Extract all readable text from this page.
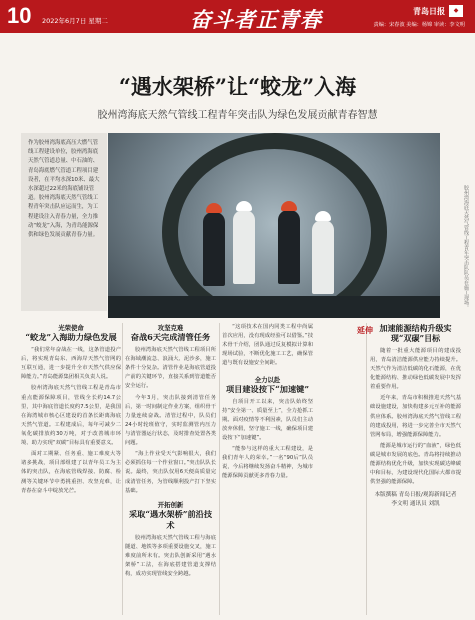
10 2022年6月7日 星期二	奋斗者正青春	青岛日报	◆
责编：宋春波 美编：杨锦 审读：李文明
“遇水架桥”让“蛟龙”入海
胶州湾海底天然气管线工程青年突击队为绿色发展贡献青春智慧
作为胶州湾海底高压大燃气管线工程建设单位，胶州湾海底天然气管道总量、中石油的、青岛海底燃气管道工程项目建设者，在平均水深10米、最大水深超过22米的海底铺设管道。胶州湾海底天然气管线工程青年突击队应运而生，为工程建设注入青春力量，全力推动“蛟龙”入海，为青岛能源保供和绿色发展贡献青春力量。	胶州湾海底天然气管线工程青年突击队队员在施工现场。
光荣使命
“蛟龙”入海助力绿色发展

“我们常年奋战在一线，这条管道投产后，将实现青岛东、西海岸天然气管网的互联互通，进一步提升全市天然气供应保障能力。”青岛能源集团相关负责人说。

胶州湾海底天然气管线工程是青岛市重点能源保障项目，管线全长约14.7公里，其中海底管道长度约7.5公里，是我国在海湾城市核心区建设的首条长距离海底天然气管道。工程建成后，每年可减少二氧化碳排放约30万吨，对于改善城市环境、助力实现“双碳”目标具有重要意义。

面对工期紧、任务重、施工难度大等诸多挑战，项目部组建了以青年员工为主体的突击队，在海底管线焊接、防腐、检测等关键环节中勇挑重担、攻坚克难，让青春在奋斗中绽放光芒。

攻坚克难
奋战6天完成清管任务

胶州湾海底天然气管线工程项目所在海域潮流急、浪涌大、泥沙多，施工条件十分复杂。清管作业是海底管道投产前的关键环节，直接关系到管道能否安全运行。

今年3月，突击队接到清管任务后，第一时间制定作业方案，组织骨干力量连续奋战。清管过程中，队员们24小时轮班值守，实时监测管内压力与清管器运行状态，及时排查处置各类问题。

“海上作业受天气影响很大，我们必须抓住每一个作业窗口。”突击队队长说。最终，突击队仅用6天便高质量完成清管任务，为管线顺利投产打下坚实基础。

开拓创新
采取“遇水架桥”前沿技术

胶州湾海底天然气管线工程与海底隧道、地铁等多项重要设施交叉，施工难度前所未有。突击队创新采用“遇水架桥”工法，在海底搭建管道支撑结构，成功实现管线安全跨越。

“这项技术在国内同类工程中尚属首次应用，没有现成经验可以借鉴。”技术骨干介绍，团队通过反复模拟计算和现场试验，不断优化施工工艺，确保管道与既有设施安全间距。

全力以赴
项目建设按下“加速键”

自项目开工以来，突击队始终坚持“安全第一、质量至上”，全力抢抓工期。面对疫情等不利因素，队员们主动放弃休假，坚守施工一线，确保项目建设按下“加速键”。

“能参与这样的重大工程建设，是我们青年人的荣幸。”一名“90后”队员说，今后将继续发扬奋斗精神，为城市能源保障贡献更多青春力量。

延伸 加速能源结构升级实现“双碳”目标

随着一批重大能源项目的建成投用，青岛清洁能源供应能力持续提升。天然气作为清洁低碳的化石能源，在优化能源结构、推动绿色低碳发展中发挥着重要作用。

近年来，青岛市积极推进天然气基础设施建设，加快构建多元互补的能源供应体系。胶州湾海底天然气管线工程的建成投用，将进一步完善全市天然气管网布局，增强能源保障能力。

能源是城市运行的“血液”，绿色低碳是城市发展的底色。青岛将持续推动能源结构优化升级，加快实现碳达峰碳中和目标，为建设现代化国际大都市提供坚强的能源保障。

本版撰稿 青岛日报/观海新闻记者
李文明 通讯员 刘凯
